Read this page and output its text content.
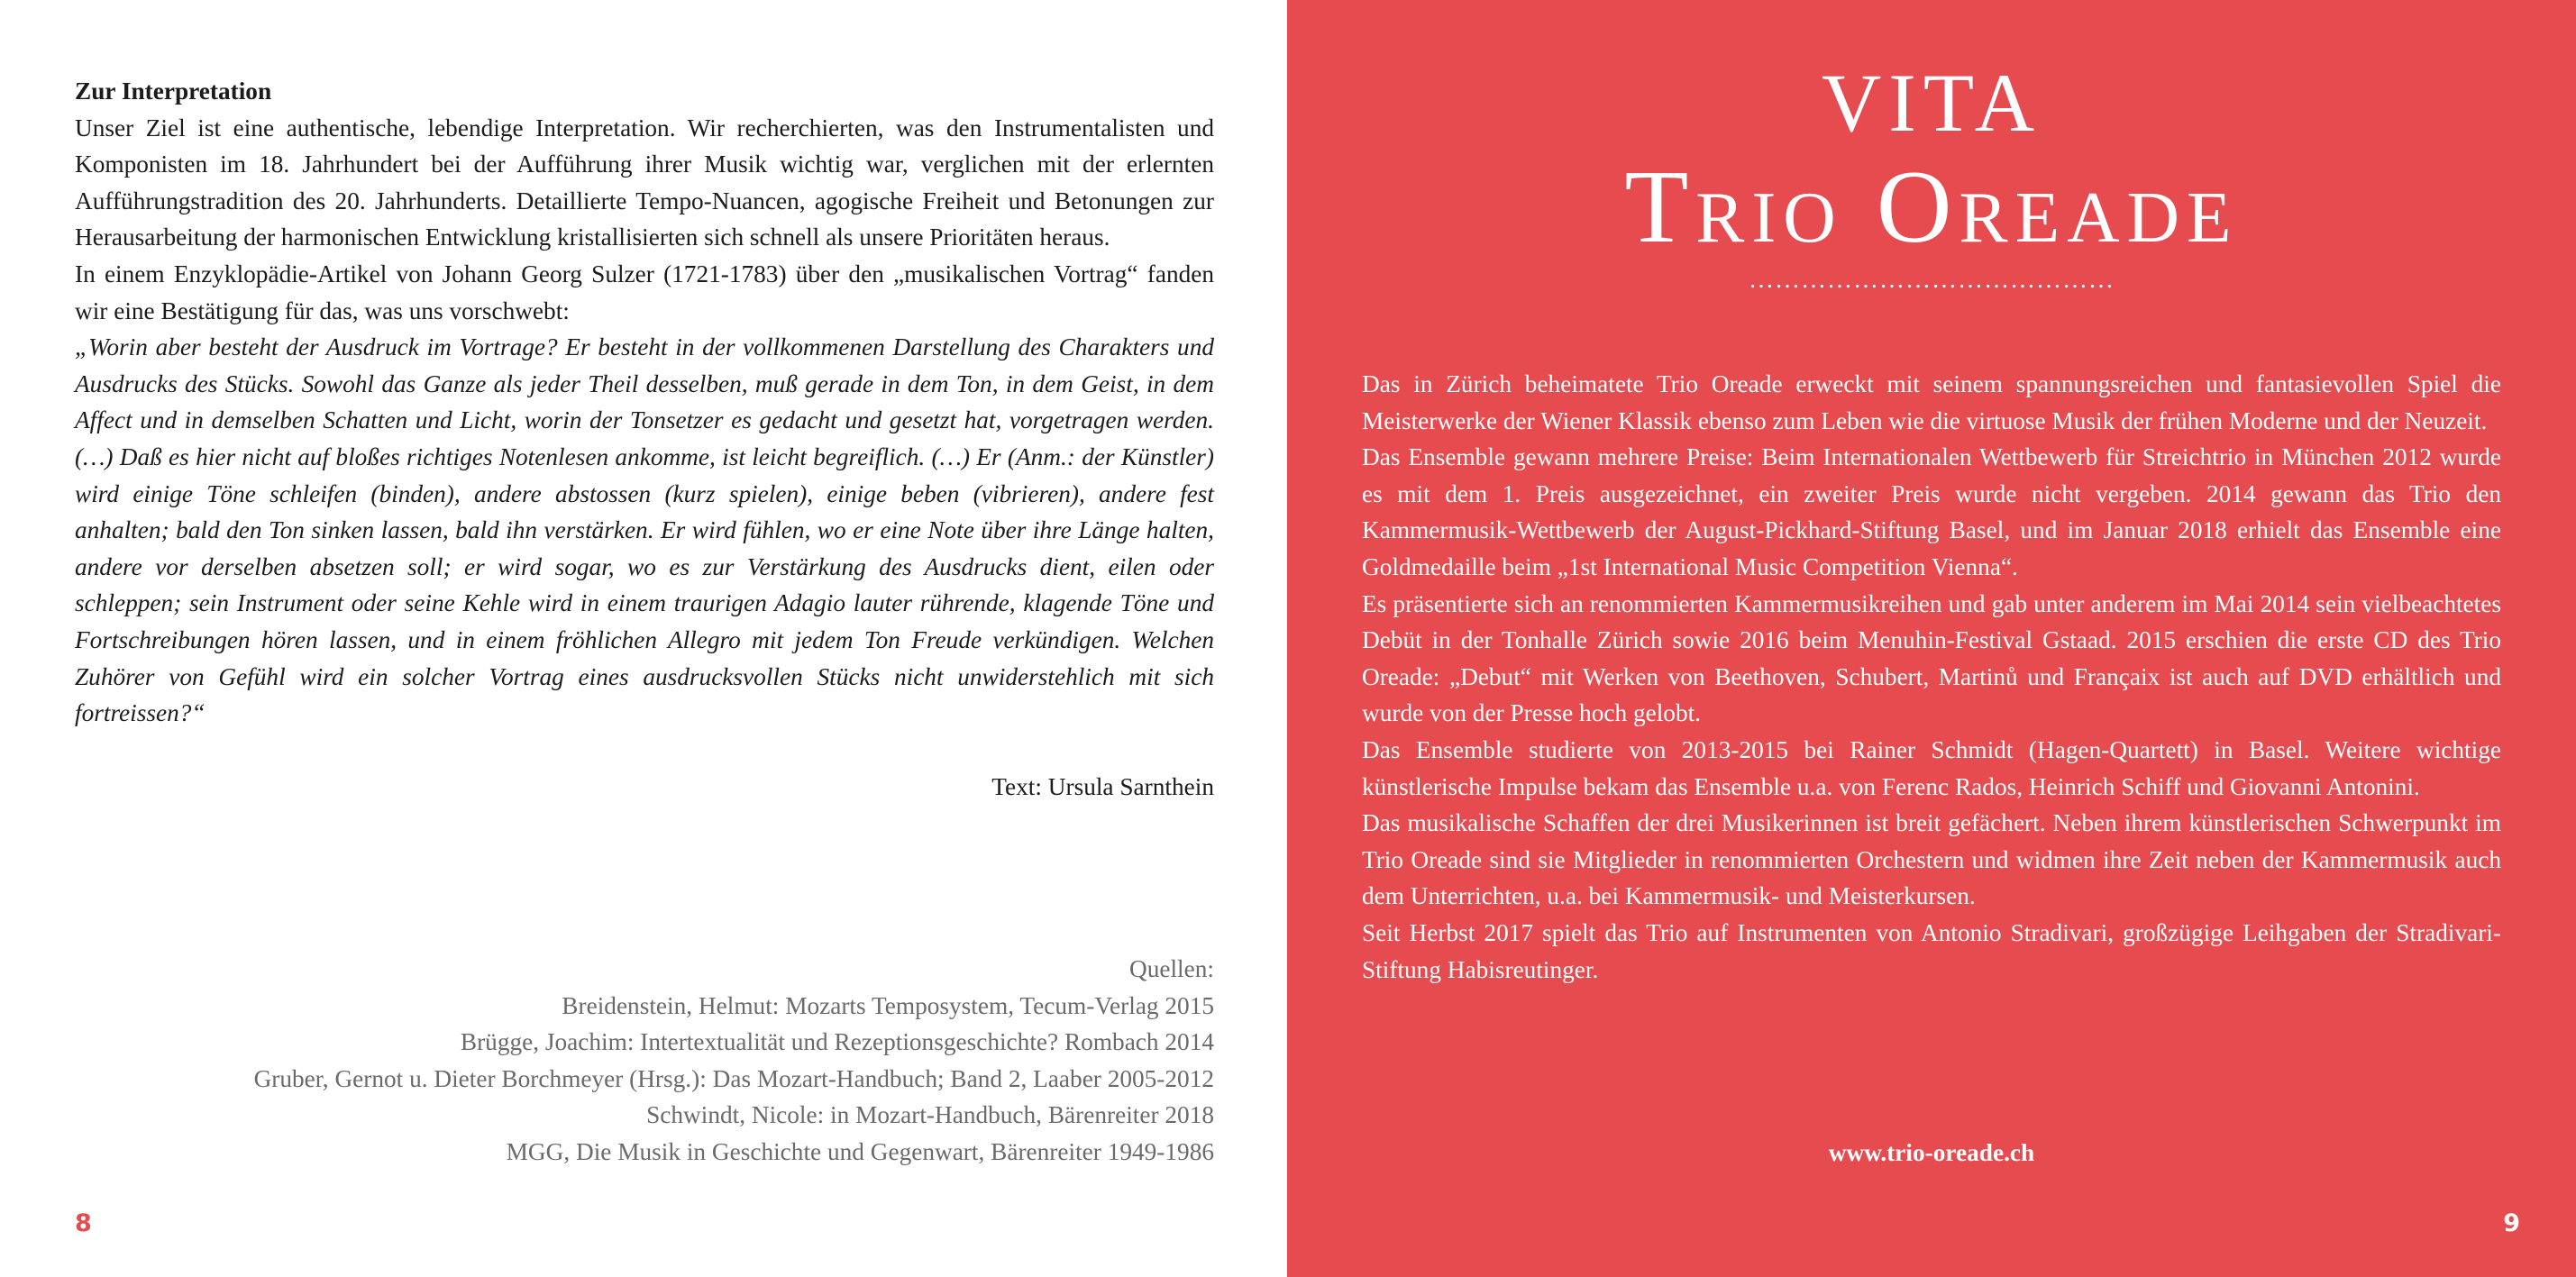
Zur Interpretation

Unser Ziel ist eine authentische, lebendige Interpretation. Wir recherchierten, was den Instrumentalisten und Komponisten im 18. Jahrhundert bei der Aufführung ihrer Musik wichtig war, verglichen mit der erlernten Aufführungstradition des 20. Jahrhunderts. Detaillierte Tempo-Nuancen, agogische Freiheit und Betonungen zur Herausarbeitung der harmonischen Entwicklung kristallisierten sich schnell als unsere Prioritäten heraus.

In einem Enzyklopädie-Artikel von Johann Georg Sulzer (1721-1783) über den „musikalischen Vortrag“ fanden wir eine Bestätigung für das, was uns vorschwebt:

„Worin aber besteht der Ausdruck im Vortrage? Er besteht in der vollkommenen Darstellung des Charakters und Ausdrucks des Stücks. Sowohl das Ganze als jeder Theil desselben, muß gerade in dem Ton, in dem Geist, in dem Affect und in demselben Schatten und Licht, worin der Tonsetzer es gedacht und gesetzt hat, vorgetragen werden. (…) Daß es hier nicht auf bloßes richtiges Notenlesen ankomme, ist leicht begreiflich. (…) Er (Anm.: der Künstler) wird einige Töne schleifen (binden), andere abstossen (kurz spielen), einige beben (vibrieren), andere fest anhalten; bald den Ton sinken lassen, bald ihn verstärken. Er wird fühlen, wo er eine Note über ihre Länge halten, andere vor derselben absetzen soll; er wird sogar, wo es zur Verstärkung des Ausdrucks dient, eilen oder schleppen; sein Instrument oder seine Kehle wird in einem traurigen Adagio lauter rührende, klagende Töne und Fortschreibungen hören lassen, und in einem fröhlichen Allegro mit jedem Ton Freude verkündigen. Welchen Zuhörer von Gefühl wird ein solcher Vortrag eines ausdrucksvollen Stücks nicht unwiderstehlich mit sich fortreissen?“

Text: Ursula Sarnthein

Quellen:

Breidenstein, Helmut: Mozarts Temposystem, Tecum-Verlag 2015

Brügge, Joachim: Intertextualität und Rezeptionsgeschichte? Rombach 2014

Gruber, Gernot u. Dieter Borchmeyer (Hrsg.): Das Mozart-Handbuch; Band 2, Laaber 2005-2012

Schwindt, Nicole: in Mozart-Handbuch, Bärenreiter 2018

MGG, Die Musik in Geschichte und Gegenwart, Bärenreiter 1949-1986

8
VITA
Trio Oreade
……………………………………

Das in Zürich beheimatete Trio Oreade erweckt mit seinem spannungsreichen und fantasievollen Spiel die Meisterwerke der Wiener Klassik ebenso zum Leben wie die virtuose Musik der frühen Moderne und der Neuzeit.

Das Ensemble gewann mehrere Preise: Beim Internationalen Wettbewerb für Streichtrio in München 2012 wurde es mit dem 1. Preis ausgezeichnet, ein zweiter Preis wurde nicht vergeben. 2014 gewann das Trio den Kammermusik-Wettbewerb der August-Pickhard-Stiftung Basel, und im Januar 2018 erhielt das Ensemble eine Goldmedaille beim „1st International Music Competition Vienna“.

Es präsentierte sich an renommierten Kammermusikreihen und gab unter anderem im Mai 2014 sein vielbeachtetes Debüt in der Tonhalle Zürich sowie 2016 beim Menuhin-Festival Gstaad. 2015 erschien die erste CD des Trio Oreade: „Debut“ mit Werken von Beethoven, Schubert, Martinů und Françaix ist auch auf DVD erhältlich und wurde von der Presse hoch gelobt.

Das Ensemble studierte von 2013-2015 bei Rainer Schmidt (Hagen-Quartett) in Basel. Weitere wichtige künstlerische Impulse bekam das Ensemble u.a. von Ferenc Rados, Heinrich Schiff und Giovanni Antonini.

Das musikalische Schaffen der drei Musikerinnen ist breit gefächert. Neben ihrem künstlerischen Schwerpunkt im Trio Oreade sind sie Mitglieder in renommierten Orchestern und widmen ihre Zeit neben der Kammermusik auch dem Unterrichten, u.a. bei Kammermusik- und Meisterkursen.

Seit Herbst 2017 spielt das Trio auf Instrumenten von Antonio Stradivari, großzügige Leihgaben der Stradivari-Stiftung Habisreutinger.

www.trio-oreade.ch
9
